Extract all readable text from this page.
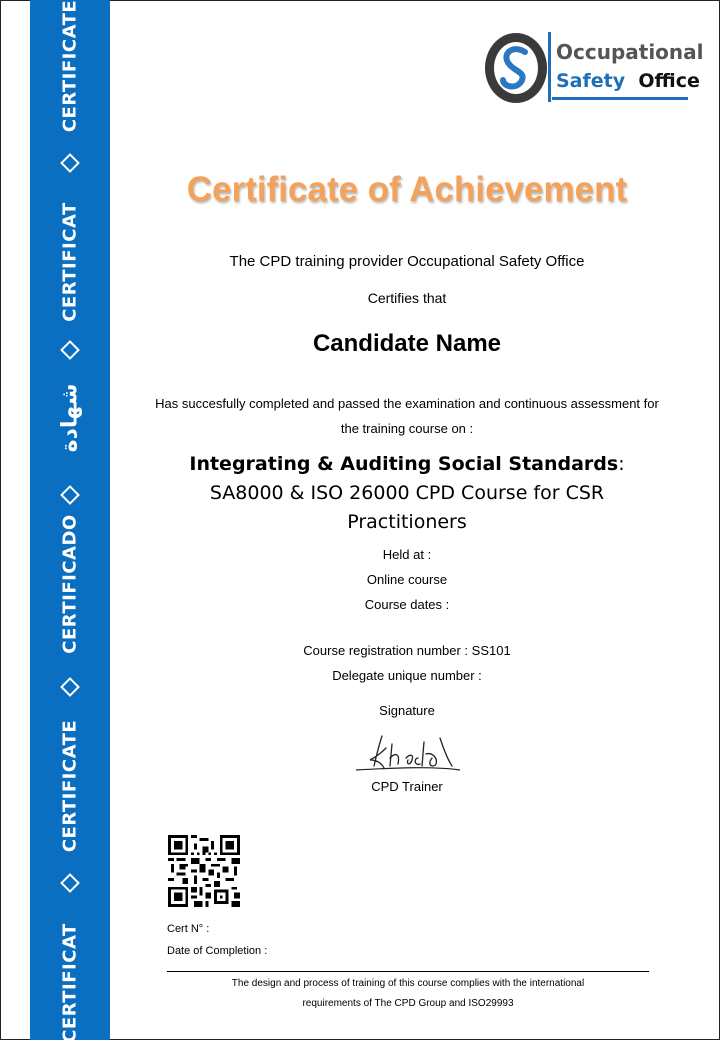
CERTIFICATE
CERTIFICAT
شهادة
CERTIFICADO
CERTIFICATE
CERTIFICAT
Occupational
Safety Office
Certificate of Achievement
The CPD training provider Occupational Safety Office
Certifies that
Candidate Name
Has succesfully completed and passed the examination and continuous assessment for
the training course on :
Integrating & Auditing Social Standards:
SA8000 & ISO 26000 CPD Course for CSR
Practitioners
Held at :
Online course
Course dates :
Course registration number : SS101
Delegate unique number :
Signature
CPD Trainer
Cert N° :
Date of Completion :
The design and process of training of this course complies with the international
requirements of The CPD Group and ISO29993
